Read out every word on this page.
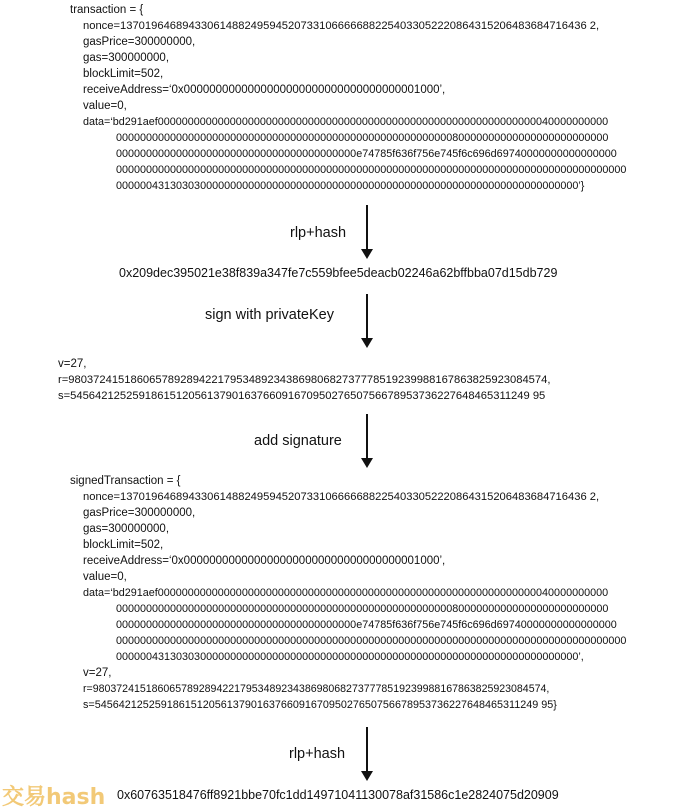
transaction = {
nonce=137019646894330614882495945207331066666882254033052220864315206483684716436 2,
gasPrice=300000000,
gas=300000000,
blockLimit=502,
receiveAddress=‘0x0000000000000000000000000000000000001000’,
value=0,
data=‘bd291aef000000000000000000000000000000000000000000000000000000000000000040000000000
0000000000000000000000000000000000000000000000000000000080000000000000000000000000
0000000000000000000000000000000000000000e74785f636f756e745f6c696d69740000000000000000
0000000000000000000000000000000000000000000000000000000000000000000000000000000000000
00000043130303000000000000000000000000000000000000000000000000000000000000000’}
rlp+hash
0x209dec395021e38f839a347fe7c559bfee5deacb02246a62bffbba07d15db729
sign with privateKey
v=27,
r=98037241518606578928942217953489234386980682737778519239988167863825923084574,
s=54564212525918615120561379016376609167095027650756678953736227648465311249 95
add signature
signedTransaction = {
nonce=137019646894330614882495945207331066666882254033052220864315206483684716436 2,
gasPrice=300000000,
gas=300000000,
blockLimit=502,
receiveAddress=‘0x0000000000000000000000000000000000001000’,
value=0,
data=‘bd291aef000000000000000000000000000000000000000000000000000000000000000040000000000
0000000000000000000000000000000000000000000000000000000080000000000000000000000000
0000000000000000000000000000000000000000e74785f636f756e745f6c696d69740000000000000000
0000000000000000000000000000000000000000000000000000000000000000000000000000000000000
00000043130303000000000000000000000000000000000000000000000000000000000000000’,
v=27,
r=98037241518606578928942217953489234386980682737778519239988167863825923084574,
s=54564212525918615120561379016376609167095027650756678953736227648465311249 95}
rlp+hash
交易hash 0x60763518476ff8921bbe70fc1dd14971041130078af31586c1e2824075d20909
